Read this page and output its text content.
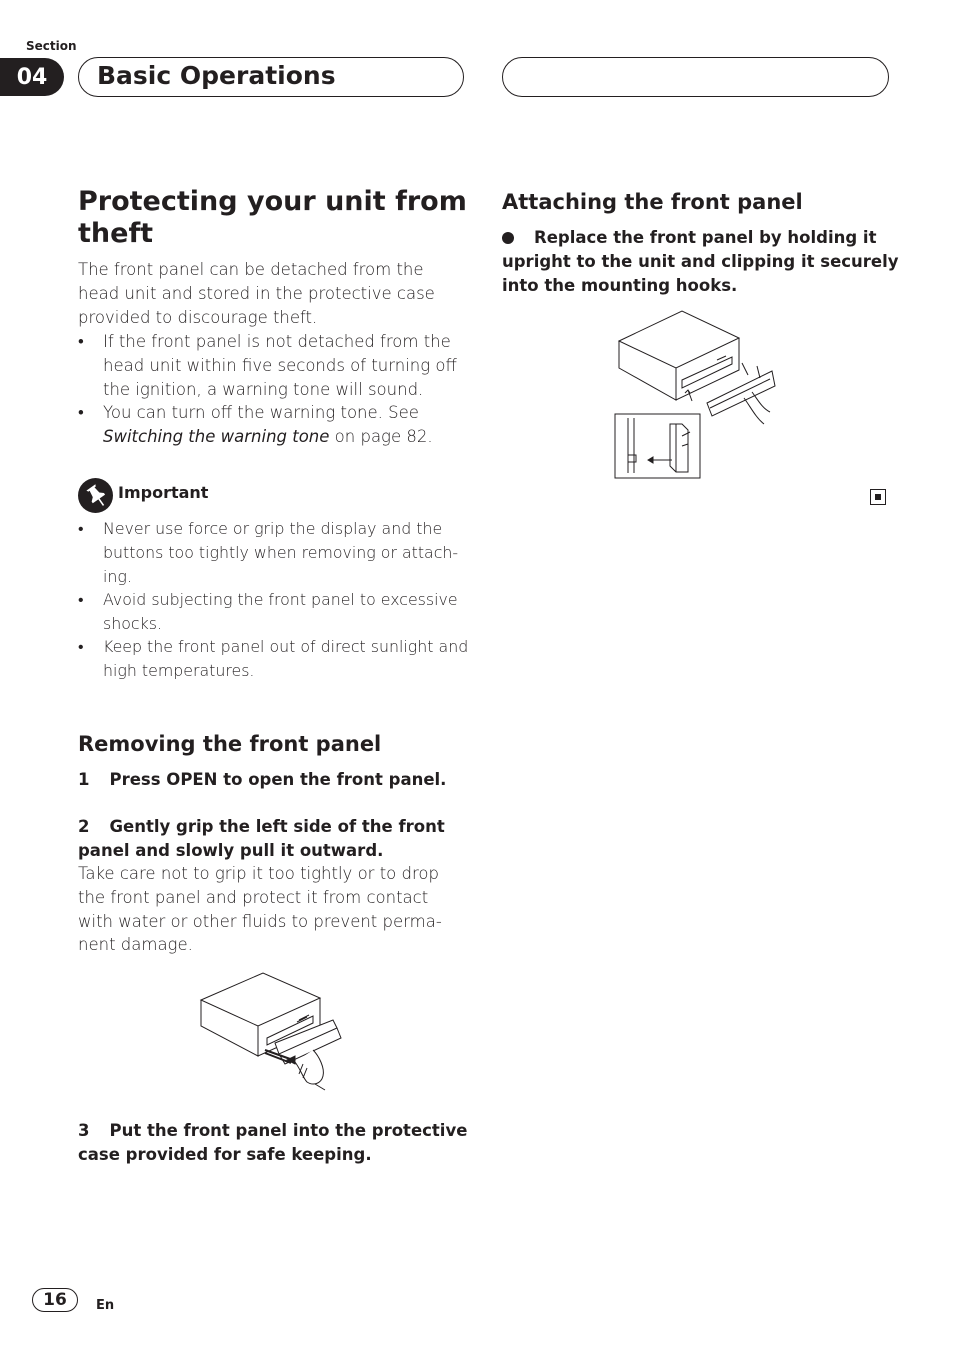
Section
04	Basic Operations
Protecting your unit from
theft
The front panel can be detached from the
head unit and stored in the protective case
provided to discourage theft.
• If the front panel is not detached from the
head unit within five seconds of turning off
the ignition, a warning tone will sound.
• You can turn off the warning tone. See
Switching the warning tone on page 82.
Important
• Never use force or grip the display and the
buttons too tightly when removing or attach-
ing.
• Avoid subjecting the front panel to excessive
shocks.
• Keep the front panel out of direct sunlight and
high temperatures.
Removing the front panel
1 Press OPEN to open the front panel.
2 Gently grip the left side of the front
panel and slowly pull it outward.
Take care not to grip it too tightly or to drop
the front panel and protect it from contact
with water or other fluids to prevent perma-
nent damage.
3 Put the front panel into the protective
case provided for safe keeping.
Attaching the front panel
Replace the front panel by holding it
upright to the unit and clipping it securely
into the mounting hooks.
16	En
